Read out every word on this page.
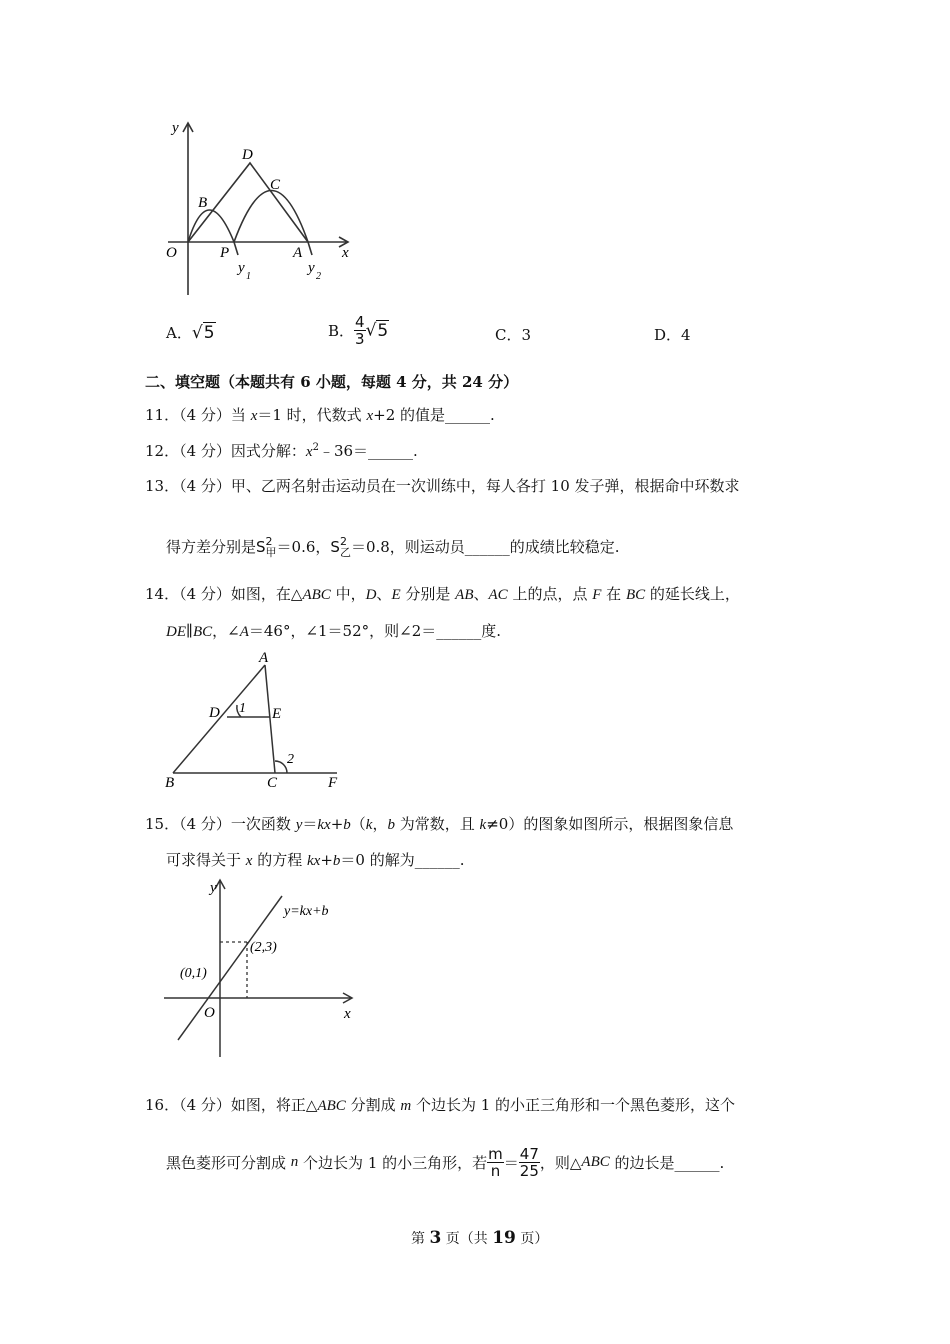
y
x
O
B
D
C
P	A
y
1
y
2
A．√5	B． $\frac{4}{3} √5$	C．3	D．4
二、填空题（本题共有 6 小题，每题 4 分，共 24 分）
11．（4 分）当 x＝1 时，代数式 x+2 的值是______.
12．（4 分）因式分解：$x^2﹣36=\_\_\_\_\_\_$.
13．（4 分）甲、乙两名射击运动员在一次训练中，每人各打 10 发子弹，根据命中环数求
得方差分别是S 2
甲 ＝0.6，S 2
乙 ＝0.8，则运动员______的成绩比较稳定.
14．（4 分）如图，在△ABC 中，D、E 分别是 AB、AC 上的点，点 F 在 BC 的延长线上，
DE∥BC，∠A＝46°，∠1＝52°，则∠2＝______度.
A
D	E
1
2
B	C	F
15．（4 分）一次函数 y＝kx+b（k，b 为常数，且 k≠0）的图象如图所示，根据图象信息
可求得关于 x 的方程 kx+b＝0 的解为______.
y
x
O
y=kx+b
(0,1)
(2,3)
16．（4 分）如图，将正△ABC 分割成 m 个边长为 1 的小正三角形和一个黑色菱形，这个
黑色菱形可分割成 n 个边长为 1 的小三角形，若 $\frac{m}{n} = \frac{47}{25}$ ，则△ABC 的边长是______.
第 3 页（共 19 页）
